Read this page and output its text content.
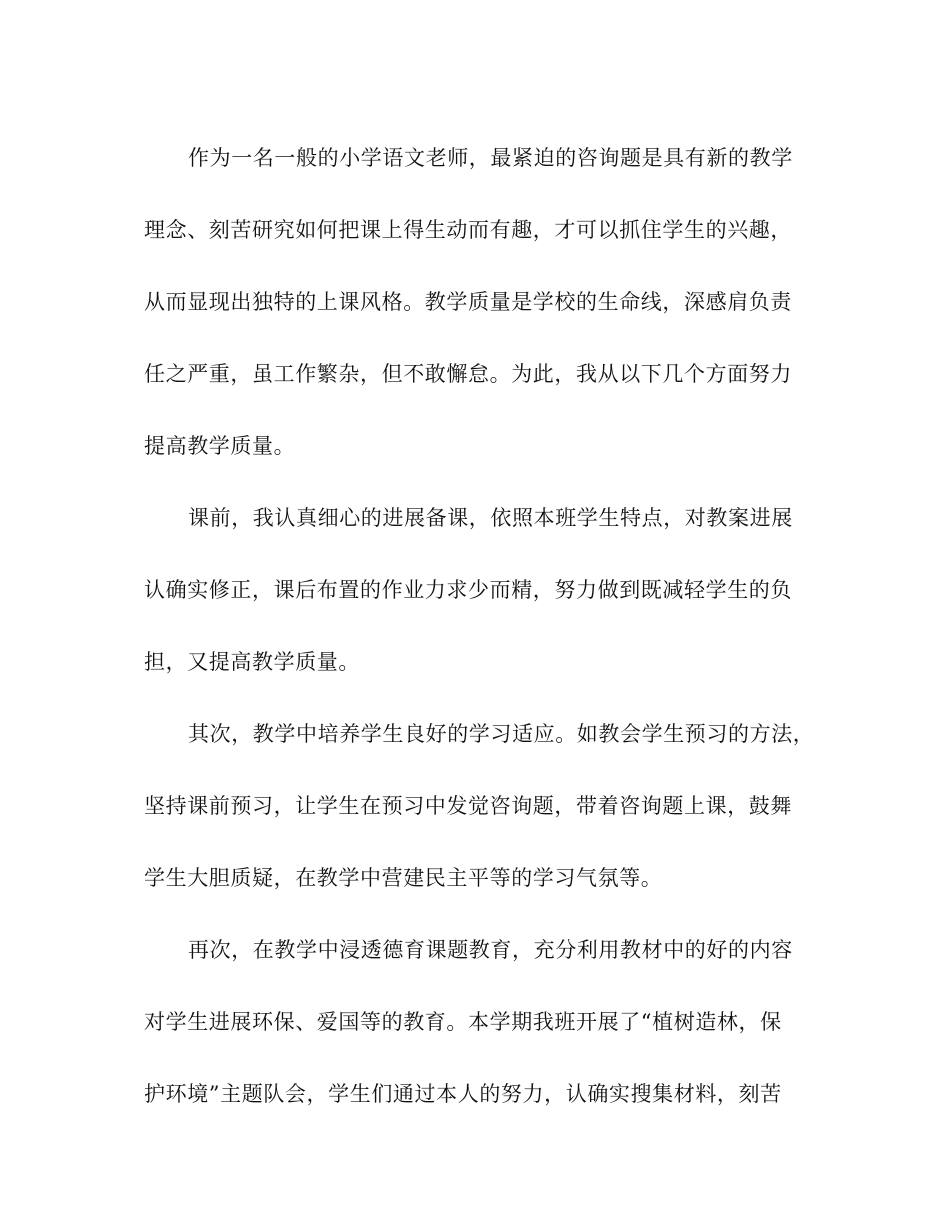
作为一名一般的小学语文老师，最紧迫的咨询题是具有新的教学
理念、刻苦研究如何把课上得生动而有趣，才可以抓住学生的兴趣，
从而显现出独特的上课风格。教学质量是学校的生命线，深感肩负责
任之严重，虽工作繁杂，但不敢懈怠。为此，我从以下几个方面努力
提高教学质量。
课前，我认真细心的进展备课，依照本班学生特点，对教案进展
认确实修正，课后布置的作业力求少而精，努力做到既减轻学生的负
担，又提高教学质量。
其次，教学中培养学生良好的学习适应。如教会学生预习的方法，
坚持课前预习，让学生在预习中发觉咨询题，带着咨询题上课，鼓舞
学生大胆质疑，在教学中营建民主平等的学习气氛等。
再次，在教学中浸透德育课题教育，充分利用教材中的好的内容
对学生进展环保、爱国等的教育。本学期我班开展了“植树造林，保
护环境”主题队会，学生们通过本人的努力，认确实搜集材料，刻苦
